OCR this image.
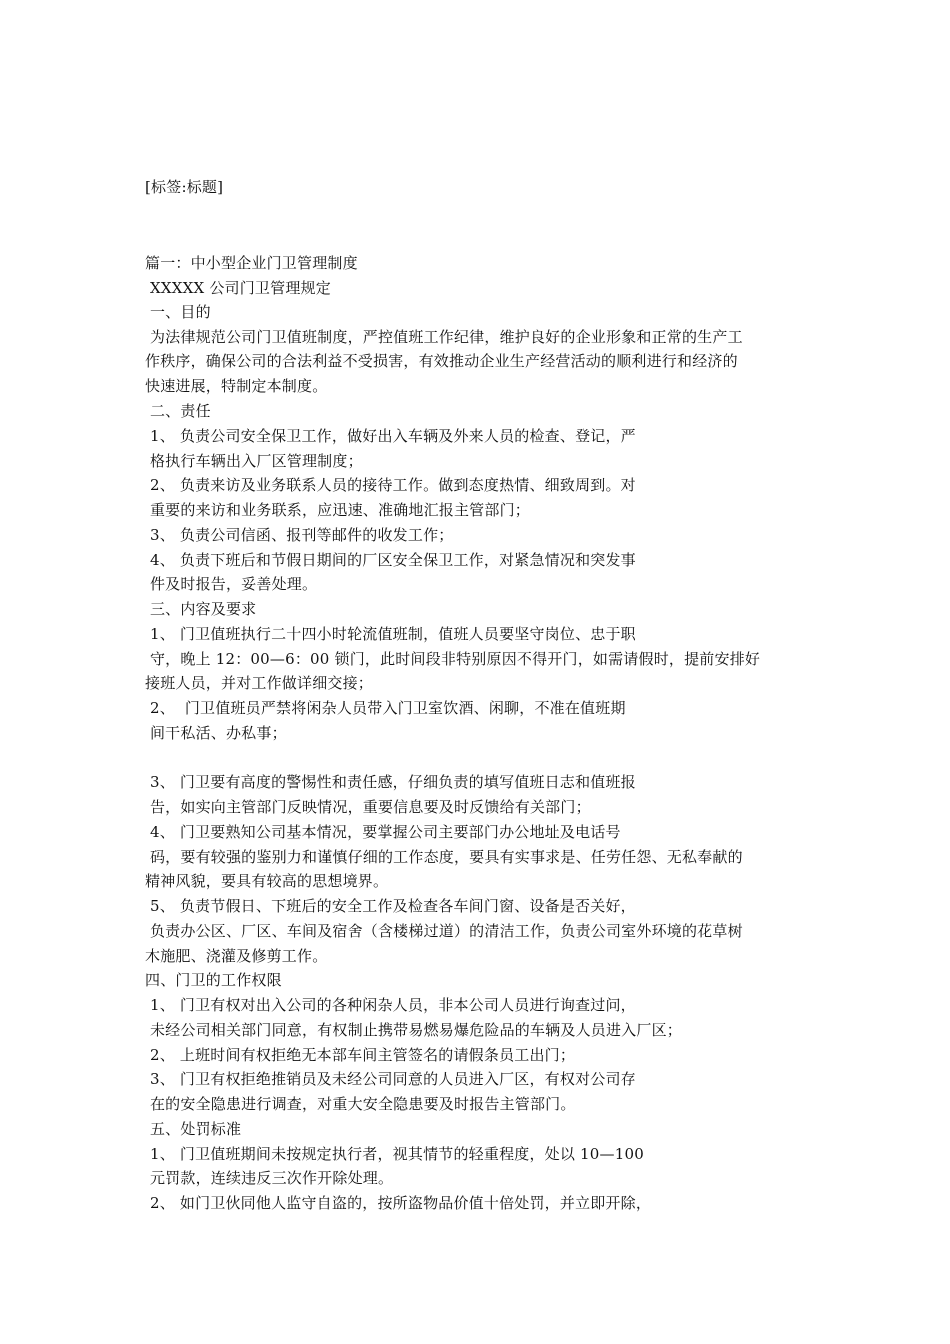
[标签:标题]
篇一：中小型企业门卫管理制度
XXXXX 公司门卫管理规定
一、目的
为法律规范公司门卫值班制度，严控值班工作纪律，维护良好的企业形象和正常的生产工
作秩序，确保公司的合法利益不受损害，有效推动企业生产经营活动的顺利进行和经济的
快速进展，特制定本制度。
二、责任
1、 负责公司安全保卫工作，做好出入车辆及外来人员的检查、登记，严
格执行车辆出入厂区管理制度；
2、 负责来访及业务联系人员的接待工作。做到态度热情、细致周到。对
重要的来访和业务联系，应迅速、准确地汇报主管部门；
3、 负责公司信函、报刊等邮件的收发工作；
4、 负责下班后和节假日期间的厂区安全保卫工作，对紧急情况和突发事
件及时报告，妥善处理。
三、内容及要求
1、 门卫值班执行二十四小时轮流值班制，值班人员要坚守岗位、忠于职
守，晚上 12：00—6：00 锁门，此时间段非特别原因不得开门，如需请假时，提前安排好
接班人员，并对工作做详细交接；
2、  门卫值班员严禁将闲杂人员带入门卫室饮酒、闲聊，不准在值班期
间干私活、办私事；
3、 门卫要有高度的警惕性和责任感，仔细负责的填写值班日志和值班报
告，如实向主管部门反映情况，重要信息要及时反馈给有关部门；
4、 门卫要熟知公司基本情况，要掌握公司主要部门办公地址及电话号
码，要有较强的鉴别力和谨慎仔细的工作态度，要具有实事求是、任劳任怨、无私奉献的
精神风貌，要具有较高的思想境界。
5、 负责节假日、下班后的安全工作及检查各车间门窗、设备是否关好，
负责办公区、厂区、车间及宿舍（含楼梯过道）的清洁工作，负责公司室外环境的花草树
木施肥、浇灌及修剪工作。
四、门卫的工作权限
1、 门卫有权对出入公司的各种闲杂人员，非本公司人员进行询查过问，
未经公司相关部门同意，有权制止携带易燃易爆危险品的车辆及人员进入厂区；
2、 上班时间有权拒绝无本部车间主管签名的请假条员工出门；
3、 门卫有权拒绝推销员及未经公司同意的人员进入厂区，有权对公司存
在的安全隐患进行调查，对重大安全隐患要及时报告主管部门。
五、处罚标准
1、 门卫值班期间未按规定执行者，视其情节的轻重程度，处以 10—100
元罚款，连续违反三次作开除处理。
2、 如门卫伙同他人监守自盗的，按所盗物品价值十倍处罚，并立即开除，
